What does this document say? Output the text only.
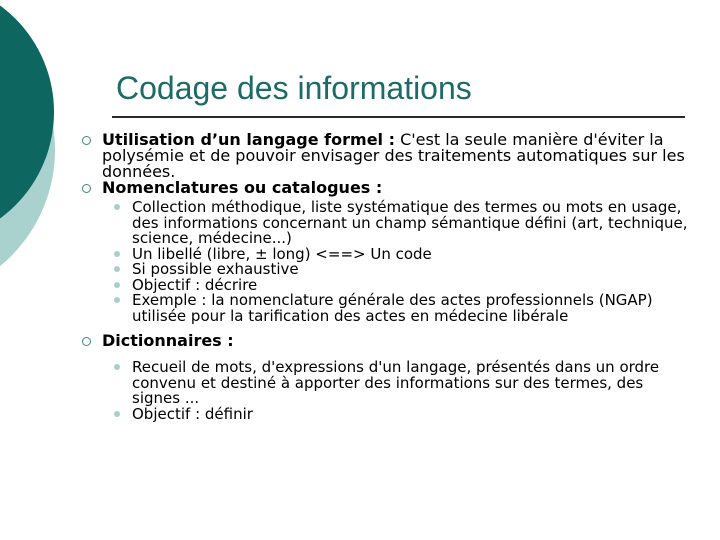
Codage des informations
Utilisation d’un langage formel : C'est la seule manière d'éviter la polysémie et de pouvoir envisager des traitements automatiques sur les données.
Nomenclatures ou catalogues :
Collection méthodique, liste systématique des termes ou mots en usage, des informations concernant un champ sémantique défini (art, technique, science, médecine...)
Un libellé (libre, ± long) <==> Un code
Si possible exhaustive
Objectif : décrire
Exemple : la nomenclature générale des actes professionnels (NGAP) utilisée pour la tarification des actes en médecine libérale
Dictionnaires :
Recueil de mots, d'expressions d'un langage, présentés dans un ordre convenu et destiné à apporter des informations sur des termes, des signes ...
Objectif : définir
